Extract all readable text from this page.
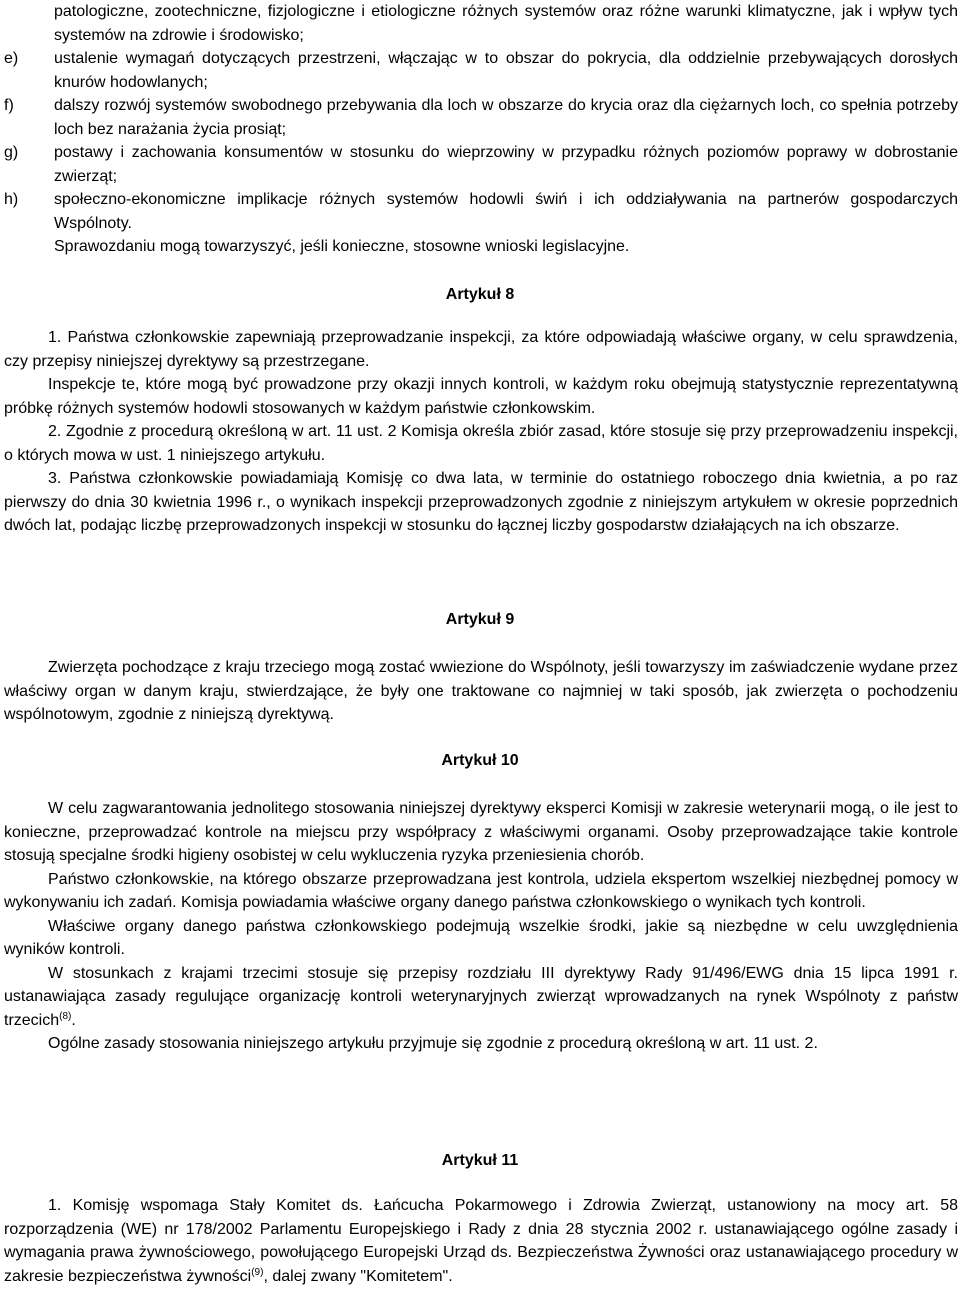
patologiczne, zootechniczne, fizjologiczne i etiologiczne różnych systemów oraz różne warunki klimatyczne, jak i wpływ tych systemów na zdrowie i środowisko;
e) ustalenie wymagań dotyczących przestrzeni, włączając w to obszar do pokrycia, dla oddzielnie przebywających dorosłych knurów hodowlanych;
f)	dalszy rozwój systemów swobodnego przebywania dla loch w obszarze do krycia oraz dla ciężarnych loch, co spełnia potrzeby loch bez narażania życia prosiąt;
g) postawy i zachowania konsumentów w stosunku do wieprzowiny w przypadku różnych poziomów poprawy w dobrostanie zwierząt;
h) społeczno-ekonomiczne implikacje różnych systemów hodowli świń i ich oddziaływania na partnerów gospodarczych Wspólnoty.
Sprawozdaniu mogą towarzyszyć, jeśli konieczne, stosowne wnioski legislacyjne.
Artykuł 8
1. Państwa członkowskie zapewniają przeprowadzanie inspekcji, za które odpowiadają właściwe organy, w celu sprawdzenia, czy przepisy niniejszej dyrektywy są przestrzegane.
Inspekcje te, które mogą być prowadzone przy okazji innych kontroli, w każdym roku obejmują statystycznie reprezentatywną próbkę różnych systemów hodowli stosowanych w każdym państwie członkowskim.
2. Zgodnie z procedurą określoną w art. 11 ust. 2 Komisja określa zbiór zasad, które stosuje się przy przeprowadzeniu inspekcji, o których mowa w ust. 1 niniejszego artykułu.
3. Państwa członkowskie powiadamiają Komisję co dwa lata, w terminie do ostatniego roboczego dnia kwietnia, a po raz pierwszy do dnia 30 kwietnia 1996 r., o wynikach inspekcji przeprowadzonych zgodnie z niniejszym artykułem w okresie poprzednich dwóch lat, podając liczbę przeprowadzonych inspekcji w stosunku do łącznej liczby gospodarstw działających na ich obszarze.
Artykuł 9
Zwierzęta pochodzące z kraju trzeciego mogą zostać wwiezione do Wspólnoty, jeśli towarzyszy im zaświadczenie wydane przez właściwy organ w danym kraju, stwierdzające, że były one traktowane co najmniej w taki sposób, jak zwierzęta o pochodzeniu wspólnotowym, zgodnie z niniejszą dyrektywą.
Artykuł 10
W celu zagwarantowania jednolitego stosowania niniejszej dyrektywy eksperci Komisji w zakresie weterynarii mogą, o ile jest to konieczne, przeprowadzać kontrole na miejscu przy współpracy z właściwymi organami. Osoby przeprowadzające takie kontrole stosują specjalne środki higieny osobistej w celu wykluczenia ryzyka przeniesienia chorób.
Państwo członkowskie, na którego obszarze przeprowadzana jest kontrola, udziela ekspertom wszelkiej niezbędnej pomocy w wykonywaniu ich zadań. Komisja powiadamia właściwe organy danego państwa członkowskiego o wynikach tych kontroli.
Właściwe organy danego państwa członkowskiego podejmują wszelkie środki, jakie są niezbędne w celu uwzględnienia wyników kontroli.
W stosunkach z krajami trzecimi stosuje się przepisy rozdziału III dyrektywy Rady 91/496/EWG dnia 15 lipca 1991 r. ustanawiająca zasady regulujące organizację kontroli weterynaryjnych zwierząt wprowadzanych na rynek Wspólnoty z państw trzecich$^{(8)}$.
Ogólne zasady stosowania niniejszego artykułu przyjmuje się zgodnie z procedurą określoną w art. 11 ust. 2.
Artykuł 11
1. Komisję wspomaga Stały Komitet ds. Łańcucha Pokarmowego i Zdrowia Zwierząt, ustanowiony na mocy art. 58 rozporządzenia (WE) nr 178/2002 Parlamentu Europejskiego i Rady z dnia 28 stycznia 2002 r. ustanawiającego ogólne zasady i wymagania prawa żywnościowego, powołującego Europejski Urząd ds. Bezpieczeństwa Żywności oraz ustanawiającego procedury w zakresie bezpieczeństwa żywności$^{(9)}$, dalej zwany "Komitetem".
